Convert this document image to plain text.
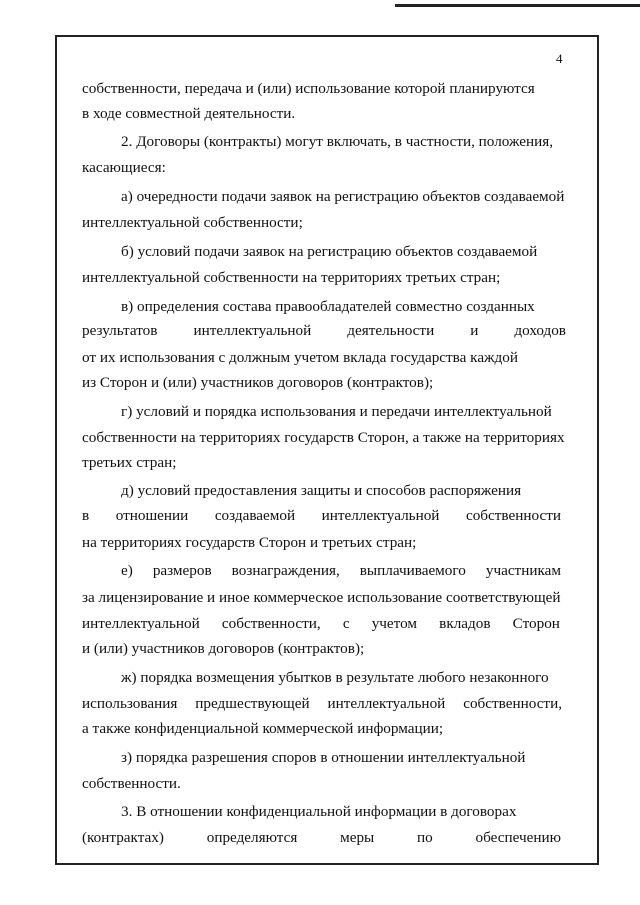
4
собственности, передача и (или) использование которой планируются
в ходе совместной деятельности.
2. Договоры (контракты) могут включать, в частности, положения,
касающиеся:
а) очередности подачи заявок на регистрацию объектов создаваемой
интеллектуальной собственности;
б) условий подачи заявок на регистрацию объектов создаваемой
интеллектуальной собственности на территориях третьих стран;
в) определения состава правообладателей совместно созданных
результатов интеллектуальной деятельности и доходов
от их использования с должным учетом вклада государства каждой
из Сторон и (или) участников договоров (контрактов);
г) условий и порядка использования и передачи интеллектуальной
собственности на территориях государств Сторон, а также на территориях
третьих стран;
д) условий предоставления защиты и способов распоряжения
в отношении создаваемой интеллектуальной собственности
на территориях государств Сторон и третьих стран;
е) размеров вознаграждения, выплачиваемого участникам
за лицензирование и иное коммерческое использование соответствующей
интеллектуальной собственности, с учетом вкладов Сторон
и (или) участников договоров (контрактов);
ж) порядка возмещения убытков в результате любого незаконного
использования предшествующей интеллектуальной собственности,
а также конфиденциальной коммерческой информации;
з) порядка разрешения споров в отношении интеллектуальной
собственности.
3. В отношении конфиденциальной информации в договорах
(контрактах)	определяются	меры	по	обеспечению
